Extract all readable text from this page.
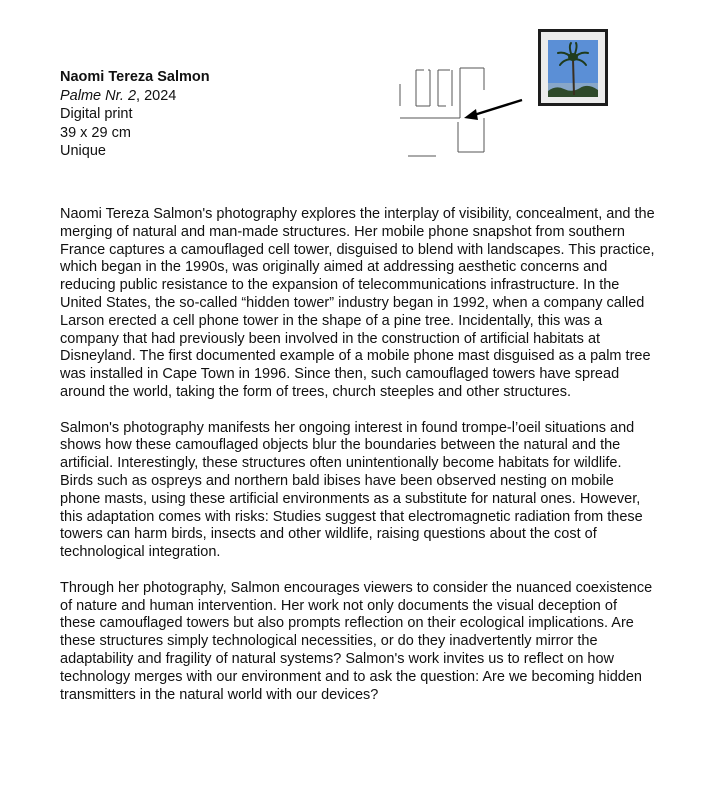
Naomi Tereza Salmon
Palme Nr. 2, 2024
Digital print
39 x 29 cm
Unique

Naomi Tereza Salmon's photography explores the interplay of visibility, concealment, and the merging of natural and man-made structures. Her mobile phone snapshot from southern France captures a camouflaged cell tower, disguised to blend with landscapes. This practice, which began in the 1990s, was originally aimed at addressing aesthetic concerns and reducing public resistance to the expansion of telecommunications infrastructure. In the United States, the so-called “hidden tower” industry began in 1992, when a company called Larson erected a cell phone tower in the shape of a pine tree. Incidentally, this was a company that had previously been involved in the construction of artificial habitats at Disneyland. The first documented example of a mobile phone mast disguised as a palm tree was installed in Cape Town in 1996. Since then, such camouflaged towers have spread around the world, taking the form of trees, church steeples and other structures.

Salmon's photography manifests her ongoing interest in found trompe-l’oeil situations and shows how these camouflaged objects blur the boundaries between the natural and the artificial. Interestingly, these structures often unintentionally become habitats for wildlife. Birds such as ospreys and northern bald ibises have been observed nesting on mobile phone masts, using these artificial environments as a substitute for natural ones. However, this adaptation comes with risks: Studies suggest that electromagnetic radiation from these towers can harm birds, insects and other wildlife, raising questions about the cost of technological integration.

Through her photography, Salmon encourages viewers to consider the nuanced coexistence of nature and human intervention. Her work not only documents the visual deception of these camouflaged towers but also prompts reflection on their ecological implications. Are these structures simply technological necessities, or do they inadvertently mirror the adaptability and fragility of natural systems? Salmon's work invites us to reflect on how technology merges with our environment and to ask the question: Are we becoming hidden transmitters in the natural world with our devices?
